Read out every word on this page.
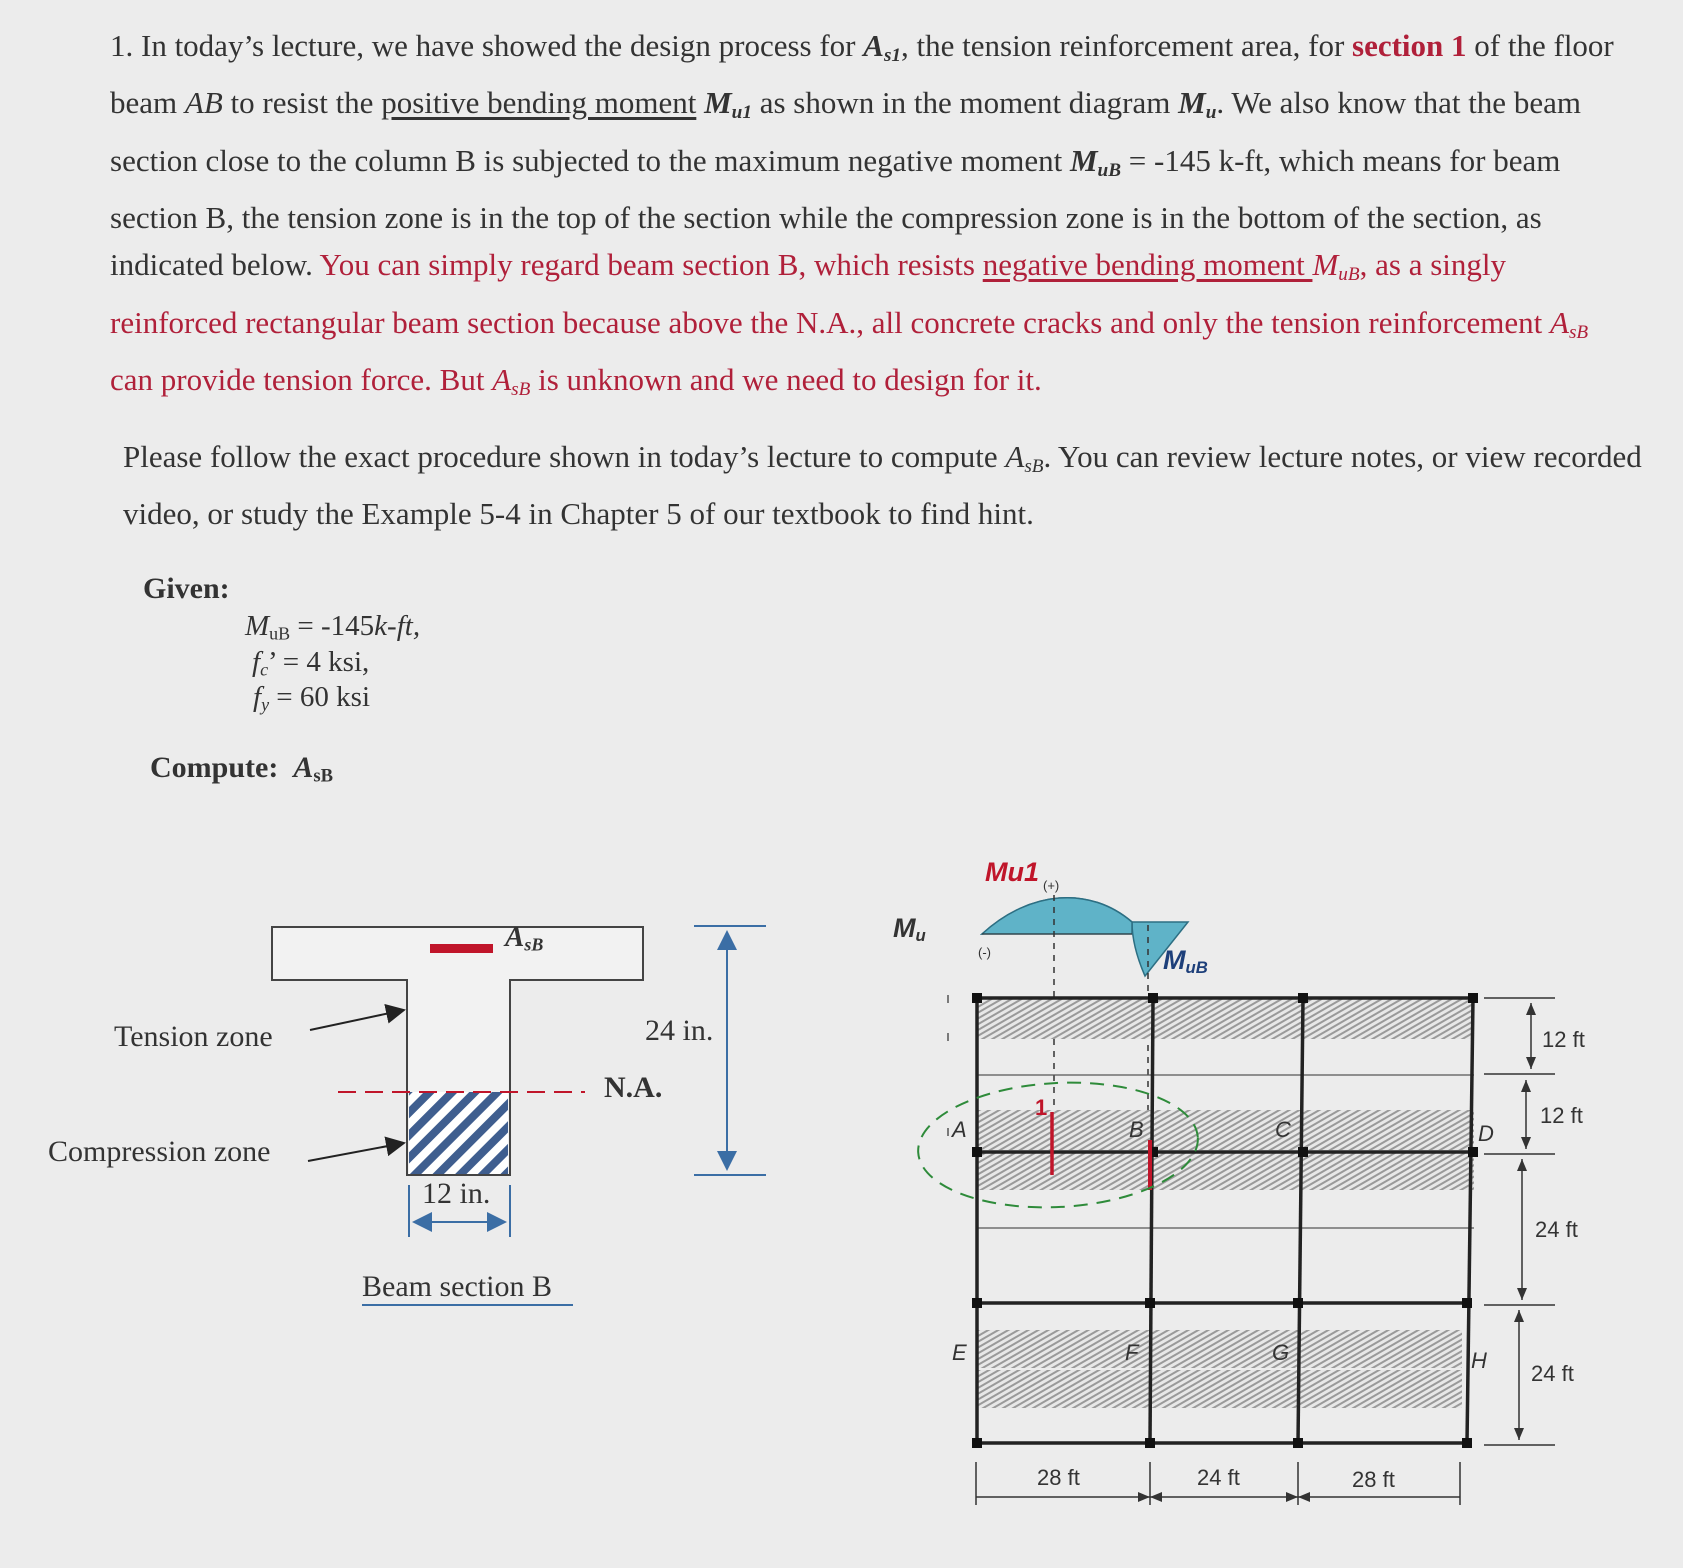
1. In today’s lecture, we have showed the design process for $A_{s1}$, the tension reinforcement area, for section 1 of the floor beam AB to resist the positive bending moment $M_{u1}$ as shown in the moment diagram $M_u$. We also know that the beam section close to the column B is subjected to the maximum negative moment $M_{uB} = -145$ k-ft, which means for beam section B, the tension zone is in the top of the section while the compression zone is in the bottom of the section, as indicated below. You can simply regard beam section B, which resists negative bending moment $M_{uB}$, as a singly reinforced rectangular beam section because above the N.A., all concrete cracks and only the tension reinforcement $A_{sB}$ can provide tension force. But $A_{sB}$ is unknown and we need to design for it.
Please follow the exact procedure shown in today’s lecture to compute $A_{sB}$. You can review lecture notes, or view recorded video, or study the Example 5-4 in Chapter 5 of our textbook to find hint.
Given:
$M_{uB} = -145k-ft$,
$f_c$’ = 4 ksi,
$f_y = 60$ ksi
Compute: $A_{sB}$
$A_{sB}$
Tension zone
Compression zone
24 in.
N.A.
12 in.
Beam section B
$M_u$
Mu1 (+)
(-)	$M_{uB}$
1
A	B	C	D
E	F	G	H
28 ft	24 ft	28 ft
12 ft
12 ft
24 ft
24 ft
